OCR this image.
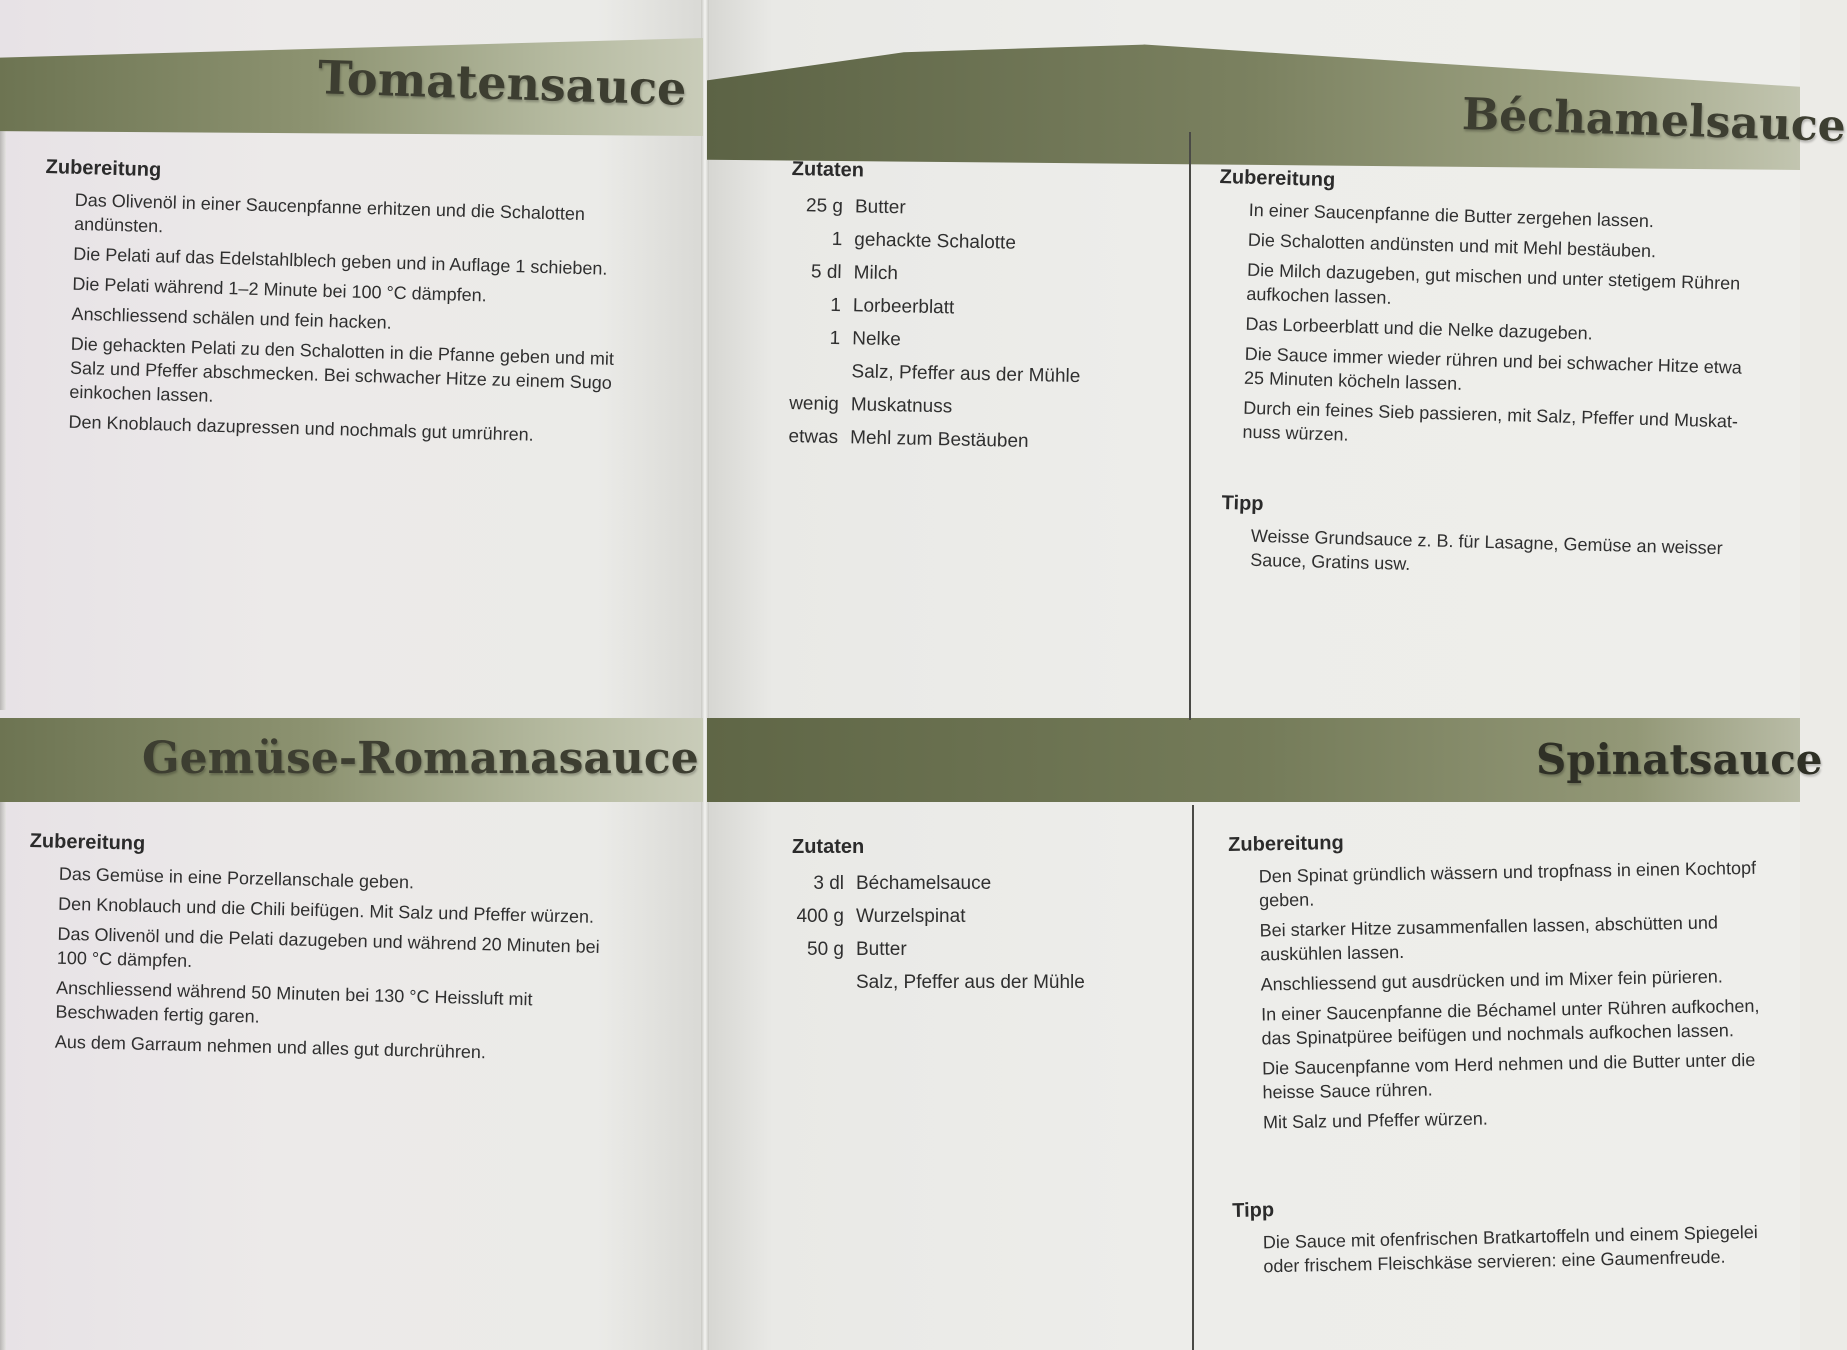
Tomatensauce
Béchamelsauce
Gemüse-Romanasauce	Spinatsauce
Zubereitung
Das Olivenöl in einer Saucenpfanne erhitzen und die Schalotten andünsten.
Die Pelati auf das Edelstahlblech geben und in Auflage 1 schieben.
Die Pelati während 1–2 Minute bei 100 °C dämpfen.
Anschliessend schälen und fein hacken.
Die gehackten Pelati zu den Schalotten in die Pfanne geben und mit Salz und Pfeffer abschmecken. Bei schwacher Hitze zu einem Sugo einkochen lassen.
Den Knoblauch dazupressen und nochmals gut umrühren.
Zutaten
25 g	Butter
1	gehackte Schalotte
5 dl	Milch
1	Lorbeerblatt
1	Nelke
	Salz, Pfeffer aus der Mühle
wenig	Muskatnuss
etwas	Mehl zum Bestäuben
Zubereitung
In einer Saucenpfanne die Butter zergehen lassen.
Die Schalotten andünsten und mit Mehl bestäuben.
Die Milch dazugeben, gut mischen und unter stetigem Rühren aufkochen lassen.
Das Lorbeerblatt und die Nelke dazugeben.
Die Sauce immer wieder rühren und bei schwacher Hitze etwa 25 Minuten köcheln lassen.
Durch ein feines Sieb passieren, mit Salz, Pfeffer und Muskat-nuss würzen.
Tipp
Weisse Grundsauce z. B. für Lasagne, Gemüse an weisser Sauce, Gratins usw.
Zubereitung
Das Gemüse in eine Porzellanschale geben.
Den Knoblauch und die Chili beifügen. Mit Salz und Pfeffer würzen.
Das Olivenöl und die Pelati dazugeben und während 20 Minuten bei 100 °C dämpfen.
Anschliessend während 50 Minuten bei 130 °C Heissluft mit Beschwaden fertig garen.
Aus dem Garraum nehmen und alles gut durchrühren.
Zutaten
3 dl	Béchamelsauce
400 g	Wurzelspinat
50 g	Butter
	Salz, Pfeffer aus der Mühle
Zubereitung
Den Spinat gründlich wässern und tropfnass in einen Kochtopf geben.
Bei starker Hitze zusammenfallen lassen, abschütten und auskühlen lassen.
Anschliessend gut ausdrücken und im Mixer fein pürieren.
In einer Saucenpfanne die Béchamel unter Rühren aufkochen, das Spinatpüree beifügen und nochmals aufkochen lassen.
Die Saucenpfanne vom Herd nehmen und die Butter unter die heisse Sauce rühren.
Mit Salz und Pfeffer würzen.
Tipp
Die Sauce mit ofenfrischen Bratkartoffeln und einem Spiegelei oder frischem Fleischkäse servieren: eine Gaumenfreude.
